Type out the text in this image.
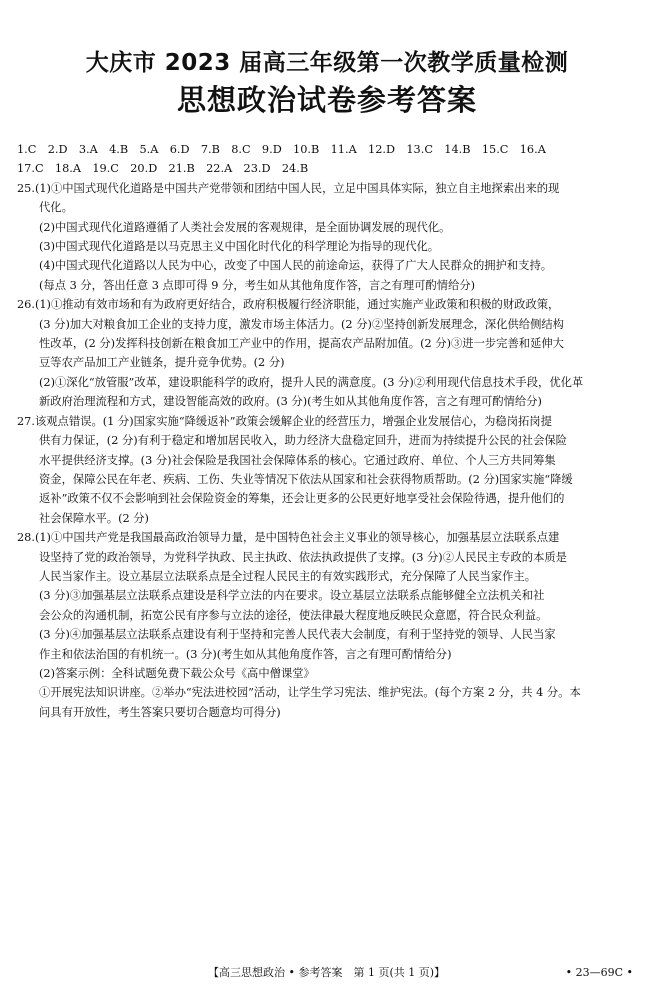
大庆市 2023 届高三年级第一次教学质量检测
思想政治试卷参考答案
1.C　2.D　3.A　4.B　5.A　6.D　7.B　8.C　9.D　10.B　11.A　12.D　13.C　14.B　15.C　16.A
17.C　18.A　19.C　20.D　21.B　22.A　23.D　24.B
25.(1)①中国式现代化道路是中国共产党带领和团结中国人民，立足中国具体实际，独立自主地探索出来的现
代化。
(2)中国式现代化道路遵循了人类社会发展的客观规律，是全面协调发展的现代化。
(3)中国式现代化道路是以马克思主义中国化时代化的科学理论为指导的现代化。
(4)中国式现代化道路以人民为中心，改变了中国人民的前途命运，获得了广大人民群众的拥护和支持。
(每点 3 分，答出任意 3 点即可得 9 分，考生如从其他角度作答，言之有理可酌情给分)
26.(1)①推动有效市场和有为政府更好结合，政府积极履行经济职能，通过实施产业政策和积极的财政政策，
(3 分)加大对粮食加工企业的支持力度，激发市场主体活力。(2 分)②坚持创新发展理念，深化供给侧结构
性改革，(2 分)发挥科技创新在粮食加工产业中的作用，提高农产品附加值。(2 分)③进一步完善和延伸大
豆等农产品加工产业链条，提升竞争优势。(2 分)
(2)①深化“放管服”改革，建设职能科学的政府，提升人民的满意度。(3 分)②利用现代信息技术手段，优化革
新政府治理流程和方式，建设智能高效的政府。(3 分)(考生如从其他角度作答，言之有理可酌情给分)
27.该观点错误。(1 分)国家实施“降缓返补”政策会缓解企业的经营压力，增强企业发展信心，为稳岗拓岗提
供有力保证，(2 分)有利于稳定和增加居民收入，助力经济大盘稳定回升，进而为持续提升公民的社会保险
水平提供经济支撑。(3 分)社会保险是我国社会保障体系的核心。它通过政府、单位、个人三方共同筹集
资金，保障公民在年老、疾病、工伤、失业等情况下依法从国家和社会获得物质帮助。(2 分)国家实施“降缓
返补”政策不仅不会影响到社会保险资金的筹集，还会让更多的公民更好地享受社会保险待遇，提升他们的
社会保障水平。(2 分)
28.(1)①中国共产党是我国最高政治领导力量，是中国特色社会主义事业的领导核心，加强基层立法联系点建
设坚持了党的政治领导，为党科学执政、民主执政、依法执政提供了支撑。(3 分)②人民民主专政的本质是
人民当家作主。设立基层立法联系点是全过程人民民主的有效实践形式，充分保障了人民当家作主。
(3 分)③加强基层立法联系点建设是科学立法的内在要求。设立基层立法联系点能够健全立法机关和社
会公众的沟通机制，拓宽公民有序参与立法的途径，使法律最大程度地反映民众意愿，符合民众利益。
(3 分)④加强基层立法联系点建设有利于坚持和完善人民代表大会制度，有利于坚持党的领导、人民当家
作主和依法治国的有机统一。(3 分)(考生如从其他角度作答，言之有理可酌情给分)
(2)答案示例：全科试题免费下载公众号《高中僧课堂》
①开展宪法知识讲座。②举办“宪法进校园”活动，让学生学习宪法、维护宪法。(每个方案 2 分，共 4 分。本
问具有开放性，考生答案只要切合题意均可得分)
【高三思想政治 • 参考答案　第 1 页(共 1 页)】	• 23—69C •
